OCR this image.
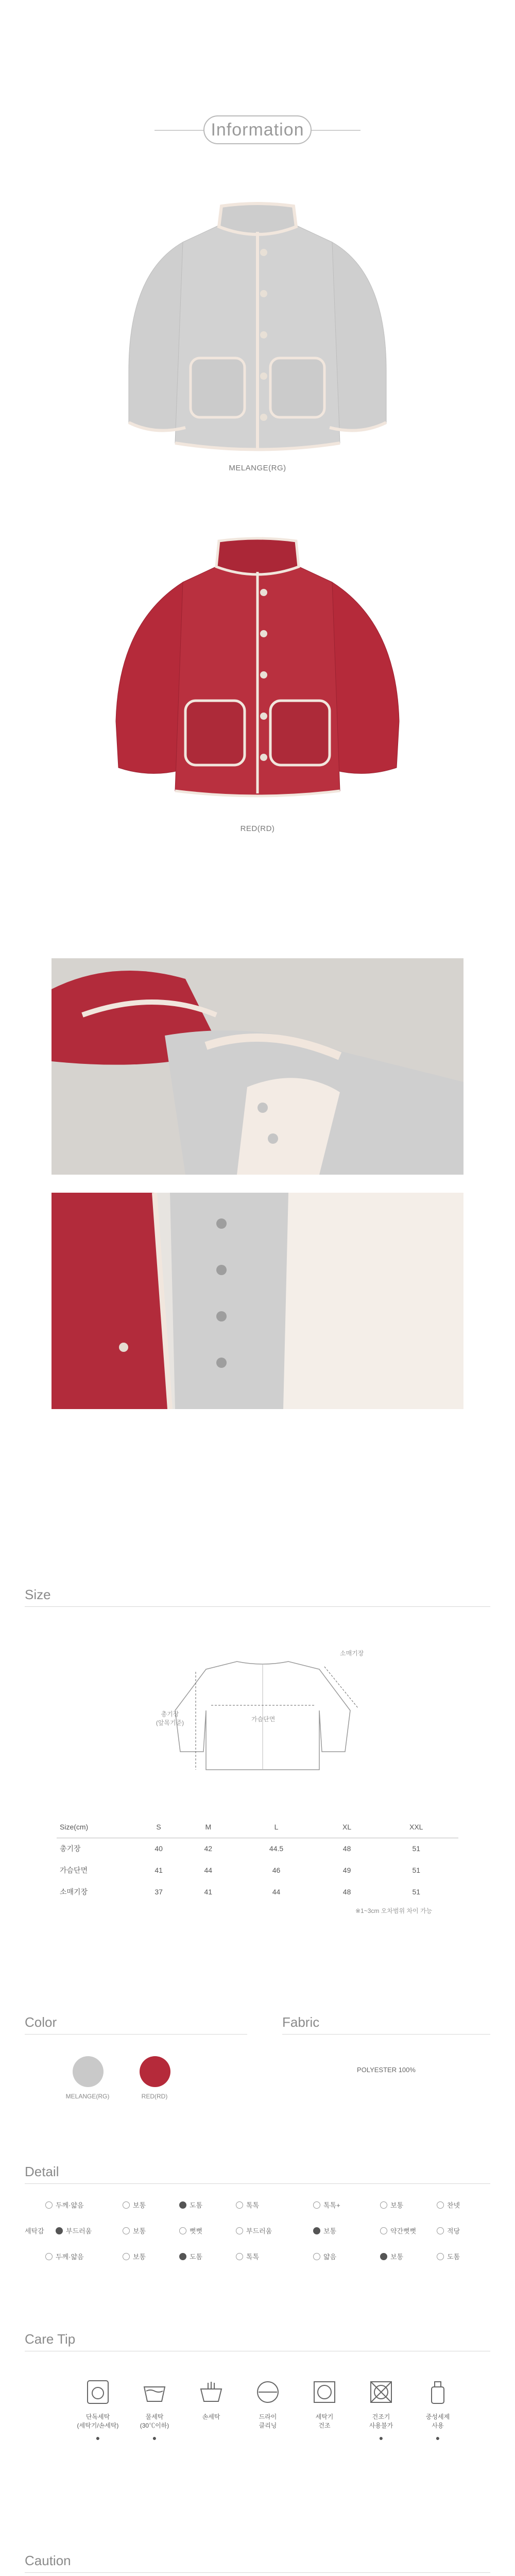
Information
MELANGE(RG)
RED(RD)
Size
소매기장
가슴단면
총기장
(앞목기준)
Size(cm)	S	M	L	XL	XXL
총기장	40	42	44.5	48	51
가슴단면	41	44	46	49	51
소매기장	37	41	44	48	51
※1~3cm 오차범위 차이 가능
Color	Fabric
MELANGE(RG)	RED(RD)
POLYESTER 100%
Detail
두께·얇음	보통	도톰	톡톡	톡톡+	보통	찬넷
세탁감	부드러움	보통	뻣뻣	부드러움	보통	약간뻣뻣	적당
두께·얇음	보통	도톰	톡톡	얇음	보통	도톰
Care Tip
단독세탁
(세탁기/손세탁)
●
물세탁
(30℃이하)
●
손세탁	드라이
클리닝
세탁기
건조
건조기
사용불가
●
중성세제
사용
●
Caution
